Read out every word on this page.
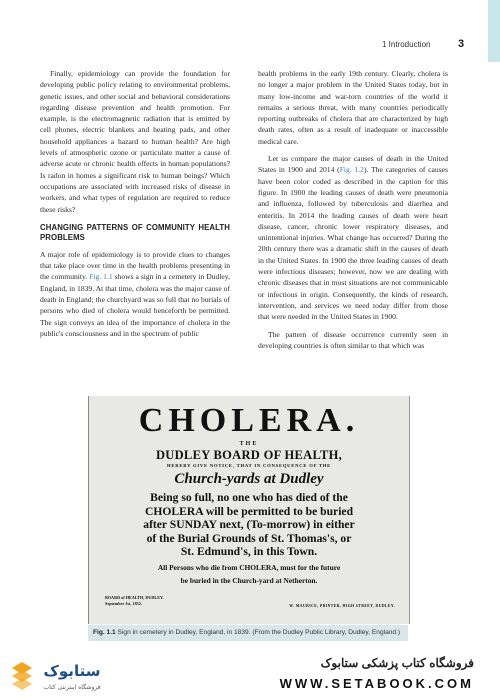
1 Introduction	3

Finally, epidemiology can provide the foundation for developing public policy relating to environmental problems, genetic issues, and other social and behavioral considerations regarding disease prevention and health promotion. For example, is the electromagnetic radiation that is emitted by cell phones, electric blankets and heating pads, and other household appliances a hazard to human health? Are high levels of atmospheric ozone or particulate matter a cause of adverse acute or chronic health effects in human populations? Is radon in homes a significant risk to human beings? Which occupations are associated with increased risks of disease in workers, and what types of regulation are required to reduce these risks?

CHANGING PATTERNS OF COMMUNITY HEALTH PROBLEMS

A major role of epidemiology is to provide clues to changes that take place over time in the health problems presenting in the community. Fig. 1.1 shows a sign in a cemetery in Dudley, England, in 1839. At that time, cholera was the major cause of death in England; the churchyard was so full that no burials of persons who died of cholera would henceforth be permitted. The sign conveys an idea of the importance of cholera in the public's consciousness and in the spectrum of public

health problems in the early 19th century. Clearly, cholera is no longer a major problem in the United States today, but in many low-income and war-torn countries of the world it remains a serious threat, with many countries periodically reporting outbreaks of cholera that are characterized by high death rates, often as a result of inadequate or inaccessible medical care.

Let us compare the major causes of death in the United States in 1900 and 2014 (Fig. 1.2). The categories of causes have been color coded as described in the caption for this figure. In 1900 the leading causes of death were pneumonia and influenza, followed by tuberculosis and diarrhea and enteritis. In 2014 the leading causes of death were heart disease, cancer, chronic lower respiratory diseases, and unintentional injuries. What change has occurred? During the 20th century there was a dramatic shift in the causes of death in the United States. In 1900 the three leading causes of death were infectious diseases; however, now we are dealing with chronic diseases that in most situations are not communicable or infectious in origin. Consequently, the kinds of research, intervention, and services we need today differ from those that were needed in the United States in 1900.

The pattern of disease occurrence currently seen in developing countries is often similar to that which was

CHOLERA.
THE
DUDLEY BOARD OF HEALTH,
HEREBY GIVE NOTICE, THAT IN CONSEQUENCE OF THE
Church-yards at Dudley
Being so full, no one who has died of the
CHOLERA will be permitted to be buried
after SUNDAY next, (To-morrow) in either
of the Burial Grounds of St. Thomas's, or
St. Edmund's, in this Town.
All Persons who die from CHOLERA, must for the future
be buried in the Church-yard at Netherton.
BOARD of HEALTH, DUDLEY.
September 1st, 1832.
W. MAURICE, PRINTER, HIGH STREET, DUDLEY.
Fig. 1.1 Sign in cemetery in Dudley, England, in 1839. (From the Dudley Public Library, Dudley, England.)
ستابوک
فروشگاه اینترنتی کتاب
فروشگاه کتاب پزشکی ستابوک
WWW.SETABOOK.COM
